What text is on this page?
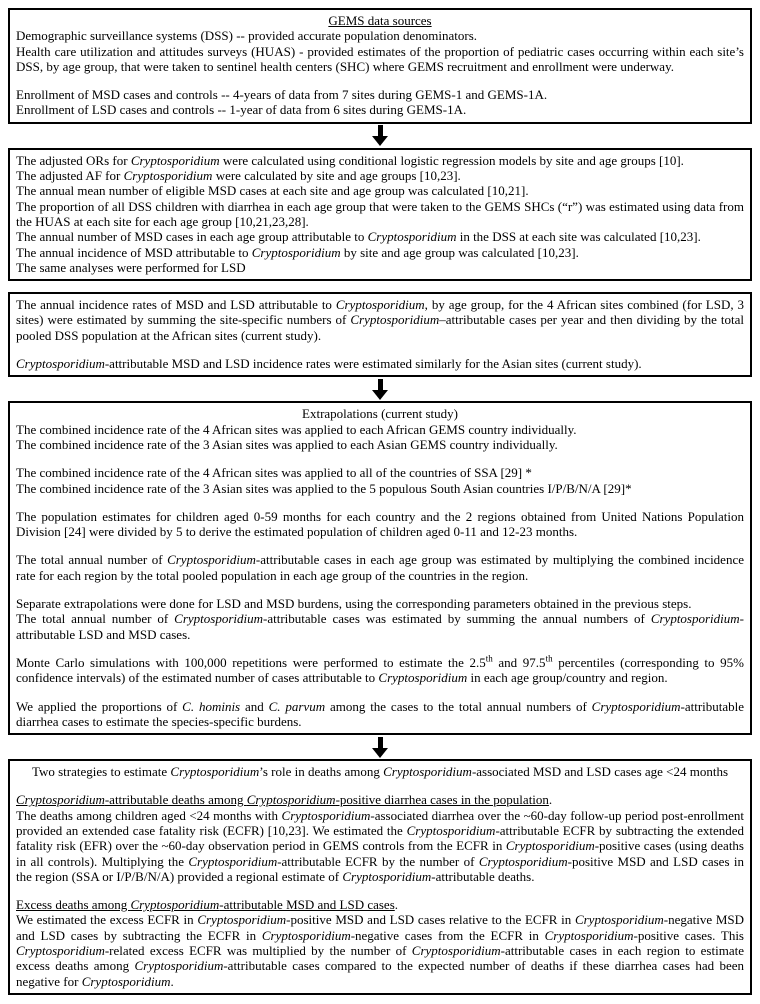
GEMS data sources

Demographic surveillance systems (DSS) -- provided accurate population denominators.

Health care utilization and attitudes surveys (HUAS) - provided estimates of the proportion of pediatric cases occurring within each site’s DSS, by age group, that were taken to sentinel health centers (SHC) where GEMS recruitment and enrollment were underway.

Enrollment of MSD cases and controls -- 4-years of data from 7 sites during GEMS-1 and GEMS-1A.

Enrollment of LSD cases and controls -- 1-year of data from 6 sites during GEMS-1A.

The adjusted ORs for Cryptosporidium were calculated using conditional logistic regression models by site and age groups [10].

The adjusted AF for Cryptosporidium were calculated by site and age groups [10,23].

The annual mean number of eligible MSD cases at each site and age group was calculated [10,21].

The proportion of all DSS children with diarrhea in each age group that were taken to the GEMS SHCs (“r”) was estimated using data from the HUAS at each site for each age group [10,21,23,28].

The annual number of MSD cases in each age group attributable to Cryptosporidium in the DSS at each site was calculated [10,23].

The annual incidence of MSD attributable to Cryptosporidium by site and age group was calculated [10,23].

The same analyses were performed for LSD

The annual incidence rates of MSD and LSD attributable to Cryptosporidium, by age group, for the 4 African sites combined (for LSD, 3 sites) were estimated by summing the site-specific numbers of Cryptosporidium–attributable cases per year and then dividing by the total pooled DSS population at the African sites (current study).

Cryptosporidium-attributable MSD and LSD incidence rates were estimated similarly for the Asian sites (current study).

Extrapolations (current study)

The combined incidence rate of the 4 African sites was applied to each African GEMS country individually.

The combined incidence rate of the 3 Asian sites was applied to each Asian GEMS country individually.

The combined incidence rate of the 4 African sites was applied to all of the countries of SSA [29] *

The combined incidence rate of the 3 Asian sites was applied to the 5 populous South Asian countries I/P/B/N/A [29]*

The population estimates for children aged 0-59 months for each country and the 2 regions obtained from United Nations Population Division [24] were divided by 5 to derive the estimated population of children aged 0-11 and 12-23 months.

The total annual number of Cryptosporidium-attributable cases in each age group was estimated by multiplying the combined incidence rate for each region by the total pooled population in each age group of the countries in the region.

Separate extrapolations were done for LSD and MSD burdens, using the corresponding parameters obtained in the previous steps.

The total annual number of Cryptosporidium-attributable cases was estimated by summing the annual numbers of Cryptosporidium-attributable LSD and MSD cases.

Monte Carlo simulations with 100,000 repetitions were performed to estimate the 2.5th and 97.5th percentiles (corresponding to 95% confidence intervals) of the estimated number of cases attributable to Cryptosporidium in each age group/country and region.

We applied the proportions of C. hominis and C. parvum among the cases to the total annual numbers of Cryptosporidium-attributable diarrhea cases to estimate the species-specific burdens.

Two strategies to estimate Cryptosporidium’s role in deaths among Cryptosporidium-associated MSD and LSD cases age <24 months

Cryptosporidium-attributable deaths among Cryptosporidium-positive diarrhea cases in the population.

The deaths among children aged <24 months with Cryptosporidium-associated diarrhea over the ~60-day follow-up period post-enrollment provided an extended case fatality risk (ECFR) [10,23]. We estimated the Cryptosporidium-attributable ECFR by subtracting the extended fatality risk (EFR) over the ~60-day observation period in GEMS controls from the ECFR in Cryptosporidium-positive cases (using deaths in all controls). Multiplying the Cryptosporidium-attributable ECFR by the number of Cryptosporidium-positive MSD and LSD cases in the region (SSA or I/P/B/N/A) provided a regional estimate of Cryptosporidium-attributable deaths.

Excess deaths among Cryptosporidium-attributable MSD and LSD cases.

We estimated the excess ECFR in Cryptosporidium-positive MSD and LSD cases relative to the ECFR in Cryptosporidium-negative MSD and LSD cases by subtracting the ECFR in Cryptosporidium-negative cases from the ECFR in Cryptosporidium-positive cases. This Cryptosporidium-related excess ECFR was multiplied by the number of Cryptosporidium-attributable cases in each region to estimate excess deaths among Cryptosporidium-attributable cases compared to the expected number of deaths if these diarrhea cases had been negative for Cryptosporidium.
